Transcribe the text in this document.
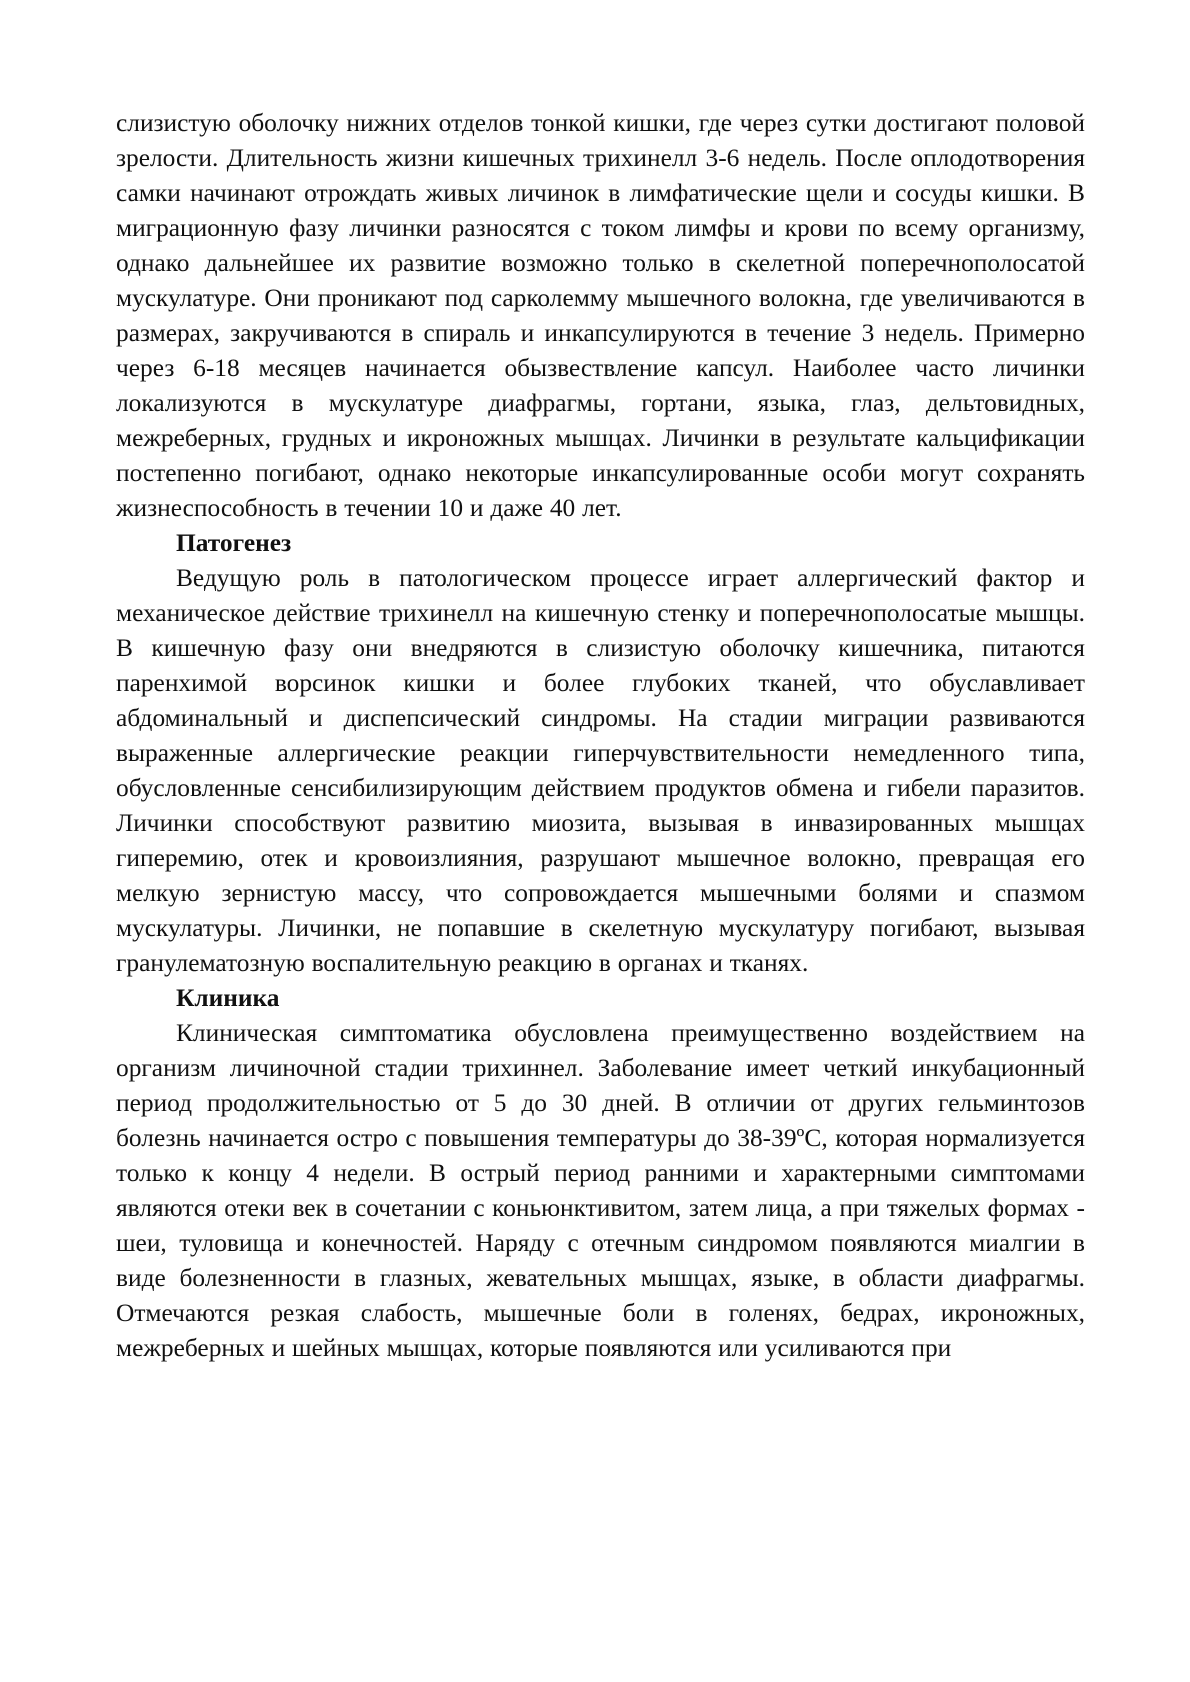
слизистую оболочку нижних отделов тонкой кишки, где через сутки достигают половой зрелости. Длительность жизни кишечных трихинелл 3-6 недель. После оплодотворения самки начинают отрождать живых личинок в лимфатические щели и сосуды кишки. В миграционную фазу личинки разносятся с током лимфы и крови по всему организму, однако дальнейшее их развитие возможно только в скелетной поперечнополосатой мускулатуре. Они проникают под сарколемму мышечного волокна, где увеличиваются в размерах, закручиваются в спираль и инкапсулируются в течение 3 недель. Примерно через 6-18 месяцев начинается обызвествление капсул. Наиболее часто личинки локализуются в мускулатуре диафрагмы, гортани, языка, глаз, дельтовидных, межреберных, грудных и икроножных мышцах. Личинки в результате кальцификации постепенно погибают, однако некоторые инкапсулированные особи могут сохранять жизнеспособность в течении 10 и даже 40 лет.

Патогенез

Ведущую роль в патологическом процессе играет аллергический фактор и механическое действие трихинелл на кишечную стенку и поперечнополосатые мышцы. В кишечную фазу они внедряются в слизистую оболочку кишечника, питаются паренхимой ворсинок кишки и более глубоких тканей, что обуславливает абдоминальный и диспепсический синдромы. На стадии миграции развиваются выраженные аллергические реакции гиперчувствительности немедленного типа, обусловленные сенсибилизирующим действием продуктов обмена и гибели паразитов. Личинки способствуют развитию миозита, вызывая в инвазированных мышцах гиперемию, отек и кровоизлияния, разрушают мышечное волокно, превращая его мелкую зернистую массу, что сопровождается мышечными болями и спазмом мускулатуры. Личинки, не попавшие в скелетную мускулатуру погибают, вызывая гранулематозную воспалительную реакцию в органах и тканях.

Клиника

Клиническая симптоматика обусловлена преимущественно воздействием на организм личиночной стадии трихиннел. Заболевание имеет четкий инкубационный период продолжительностью от 5 до 30 дней. В отличии от других гельминтозов болезнь начинается остро с повышения температуры до 38-39ºС, которая нормализуется только к концу 4 недели. В острый период ранними и характерными симптомами являются отеки век в сочетании с коньюнктивитом, затем лица, а при тяжелых формах - шеи, туловища и конечностей. Наряду с отечным синдромом появляются миалгии в виде болезненности в глазных, жевательных мышцах, языке, в области диафрагмы. Отмечаются резкая слабость, мышечные боли в голенях, бедрах, икроножных, межреберных и шейных мышцах, которые появляются или усиливаются при
